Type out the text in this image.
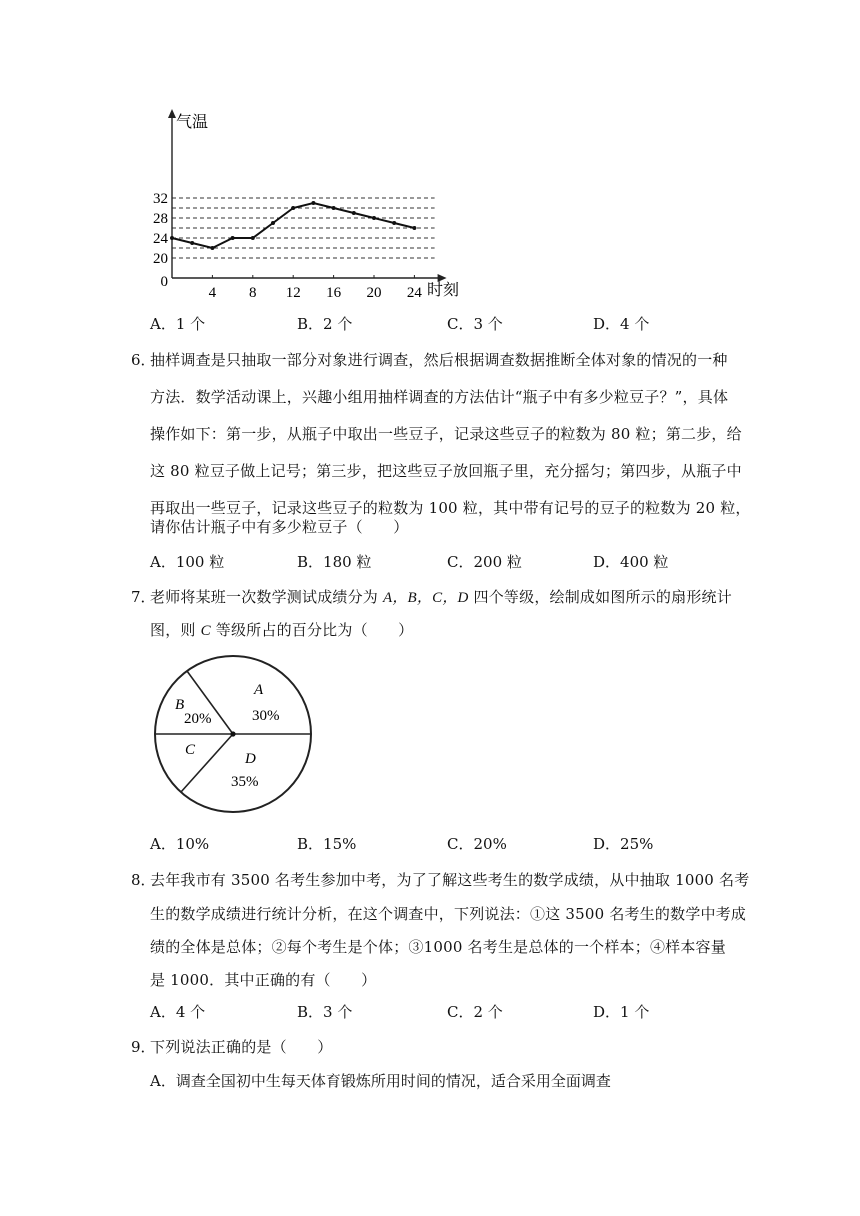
32
28
24
20
0
4 8 12 16 20 24
气温
时刻
A．1 个	B．2 个	C．3 个	D．4 个
6．
抽样调查是只抽取一部分对象进行调查，然后根据调查数据推断全体对象的情况的一种
方法．数学活动课上，兴趣小组用抽样调查的方法估计“瓶子中有多少粒豆子？”，具体
操作如下：第一步，从瓶子中取出一些豆子，记录这些豆子的粒数为 80 粒；第二步，给
这 80 粒豆子做上记号；第三步，把这些豆子放回瓶子里，充分摇匀；第四步，从瓶子中
再取出一些豆子，记录这些豆子的粒数为 100 粒，其中带有记号的豆子的粒数为 20 粒，
请你估计瓶子中有多少粒豆子（　　）
A．100 粒	B．180 粒	C．200 粒	D．400 粒
7．
老师将某班一次数学测试成绩分为 A，B，C，D 四个等级，绘制成如图所示的扇形统计
图，则 C 等级所占的百分比为（　　）
A
30%
B
20%
C
D
35%
A．10%	B．15%	C．20%	D．25%
8．
去年我市有 3500 名考生参加中考，为了了解这些考生的数学成绩，从中抽取 1000 名考
生的数学成绩进行统计分析，在这个调查中，下列说法：①这 3500 名考生的数学中考成
绩的全体是总体；②每个考生是个体；③1000 名考生是总体的一个样本；④样本容量
是 1000．其中正确的有（　　）
A．4 个	B．3 个	C．2 个	D．1 个
9．
下列说法正确的是（　　）
A．调查全国初中生每天体育锻炼所用时间的情况，适合采用全面调查
